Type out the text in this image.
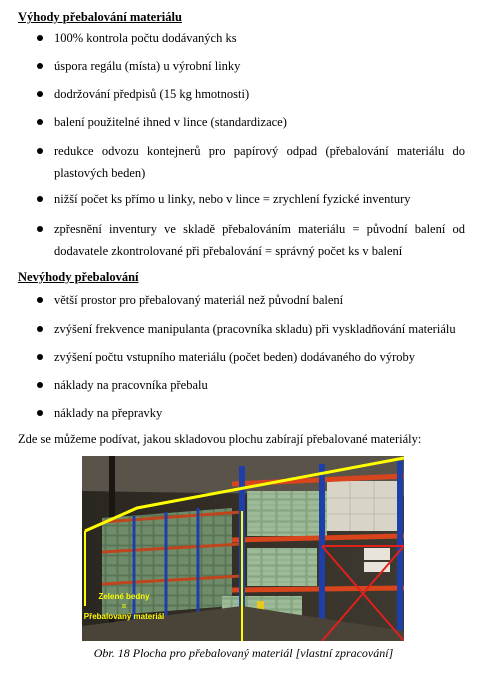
Výhody přebalování materiálu
100% kontrola počtu dodávaných ks
úspora regálu (místa) u výrobní linky
dodržování předpisů (15 kg hmotnosti)
balení použitelné ihned v lince (standardizace)
redukce odvozu kontejnerů pro papírový odpad (přebalování materiálu do plastových beden)
nižší počet ks přímo u linky, nebo v lince = zrychlení fyzické inventury
zpřesnění inventury ve skladě přebalováním materiálu = původní balení od dodavatele zkontrolované při přebalování = správný počet ks v balení
Nevýhody přebalování
větší prostor pro přebalovaný materiál než původní balení
zvýšení frekvence manipulanta (pracovníka skladu) při vyskladňování materiálu
zvýšení počtu vstupního materiálu (počet beden) dodávaného do výroby
náklady na pracovníka přebalu
náklady na přepravky
Zde se můžeme podívat, jakou skladovou plochu zabírají přebalované materiály:
Zelené bedny
=
Přebalovaný materiál
Obr. 18 Plocha pro přebalovaný materiál [vlastní zpracování]
